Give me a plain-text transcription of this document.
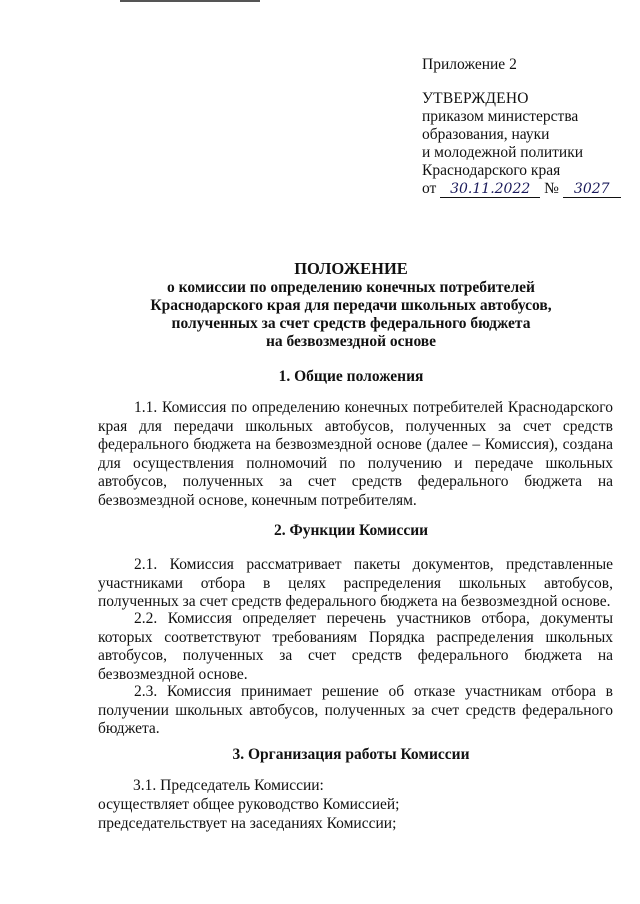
Приложение 2
УТВЕРЖДЕНО
приказом министерства
образования, науки
и молодежной политики
Краснодарского края
от 30.11.2022 № 3027
ПОЛОЖЕНИЕ
о комиссии по определению конечных потребителей
Краснодарского края для передачи школьных автобусов,
полученных за счет средств федерального бюджета
на безвозмездной основе
1. Общие положения
1.1. Комиссия по определению конечных потребителей Краснодарского края для передачи школьных автобусов, полученных за счет средств федерального бюджета на безвозмездной основе (далее – Комиссия), создана для осуществления полномочий по получению и передаче школьных автобусов, полученных за счет средств федерального бюджета на безвозмездной основе, конечным потребителям.
2. Функции Комиссии
2.1. Комиссия рассматривает пакеты документов, представленные участниками отбора в целях распределения школьных автобусов, полученных за счет средств федерального бюджета на безвозмездной основе.
2.2. Комиссия определяет перечень участников отбора, документы которых соответствуют требованиям Порядка распределения школьных автобусов, полученных за счет средств федерального бюджета на безвозмездной основе.
2.3. Комиссия принимает решение об отказе участникам отбора в получении школьных автобусов, полученных за счет средств федерального бюджета.
3. Организация работы Комиссии
3.1. Председатель Комиссии:
осуществляет общее руководство Комиссией;
председательствует на заседаниях Комиссии;
